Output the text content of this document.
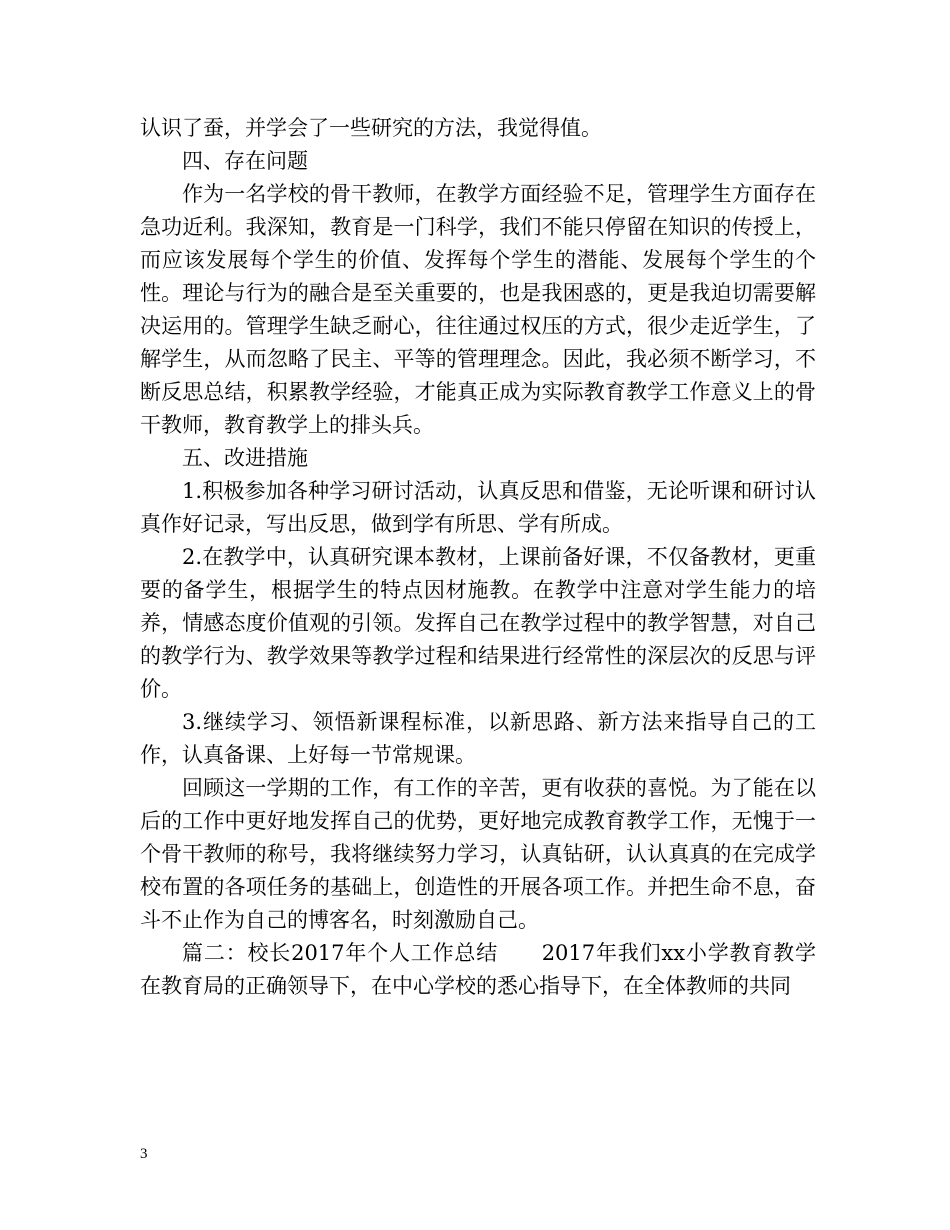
认识了蚕，并学会了一些研究的方法，我觉得值。

四、存在问题

作为一名学校的骨干教师，在教学方面经验不足，管理学生方面存在急功近利。我深知，教育是一门科学，我们不能只停留在知识的传授上，而应该发展每个学生的价值、发挥每个学生的潜能、发展每个学生的个性。理论与行为的融合是至关重要的，也是我困惑的，更是我迫切需要解决运用的。管理学生缺乏耐心，往往通过权压的方式，很少走近学生，了解学生，从而忽略了民主、平等的管理理念。因此，我必须不断学习，不断反思总结，积累教学经验，才能真正成为实际教育教学工作意义上的骨干教师，教育教学上的排头兵。

五、改进措施

1.积极参加各种学习研讨活动，认真反思和借鉴，无论听课和研讨认真作好记录，写出反思，做到学有所思、学有所成。

2.在教学中，认真研究课本教材，上课前备好课，不仅备教材，更重要的备学生，根据学生的特点因材施教。在教学中注意对学生能力的培养，情感态度价值观的引领。发挥自己在教学过程中的教学智慧，对自己的教学行为、教学效果等教学过程和结果进行经常性的深层次的反思与评价。

3.继续学习、领悟新课程标准，以新思路、新方法来指导自己的工作，认真备课、上好每一节常规课。

回顾这一学期的工作，有工作的辛苦，更有收获的喜悦。为了能在以后的工作中更好地发挥自己的优势，更好地完成教育教学工作，无愧于一个骨干教师的称号，我将继续努力学习，认真钻研，认认真真的在完成学校布置的各项任务的基础上，创造性的开展各项工作。并把生命不息，奋斗不止作为自己的博客名，时刻激励自己。

篇二：校长2017年个人工作总结　　2017年我们xx小学教育教学在教育局的正确领导下，在中心学校的悉心指导下，在全体教师的共同

3
